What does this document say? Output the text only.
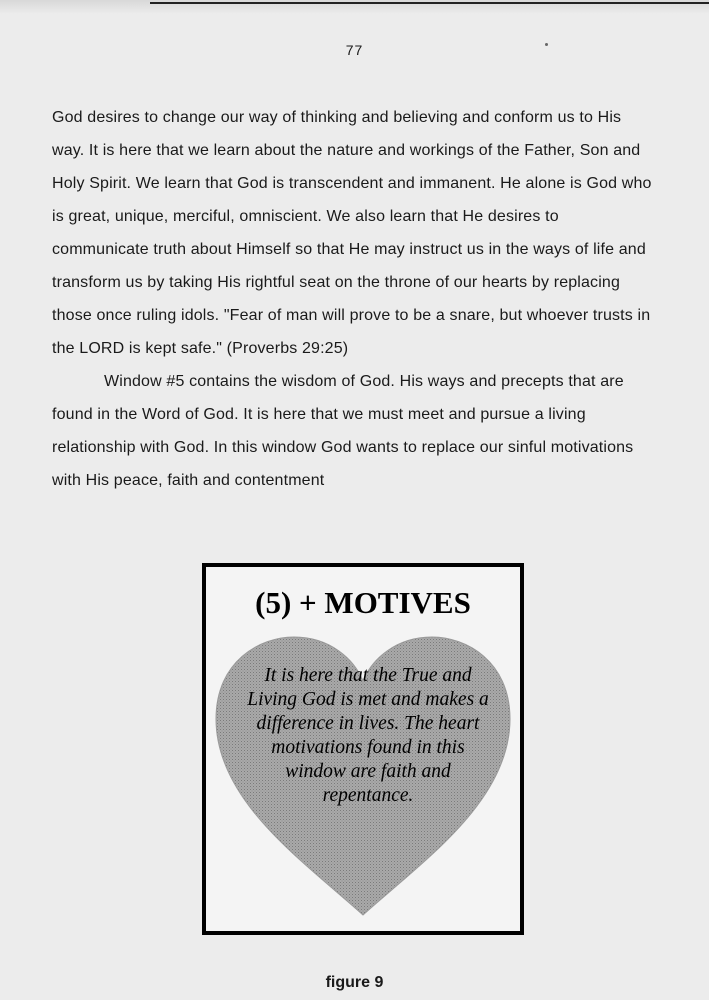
77

God desires to change our way of thinking and believing and conform us to His way. It is here that we learn about the nature and workings of the Father, Son and Holy Spirit. We learn that God is transcendent and immanent. He alone is God who is great, unique, merciful, omniscient. We also learn that He desires to communicate truth about Himself so that He may instruct us in the ways of life and transform us by taking His rightful seat on the throne of our hearts by replacing those once ruling idols. "Fear of man will prove to be a snare, but whoever trusts in the LORD is kept safe." (Proverbs 29:25)

Window #5 contains the wisdom of God. His ways and precepts that are found in the Word of God. It is here that we must meet and pursue a living relationship with God. In this window God wants to replace our sinful motivations with His peace, faith and contentment

(5) + MOTIVES
It is here that the True and Living God is met and makes a difference in lives. The heart motivations found in this window are faith and repentance.
figure 9
